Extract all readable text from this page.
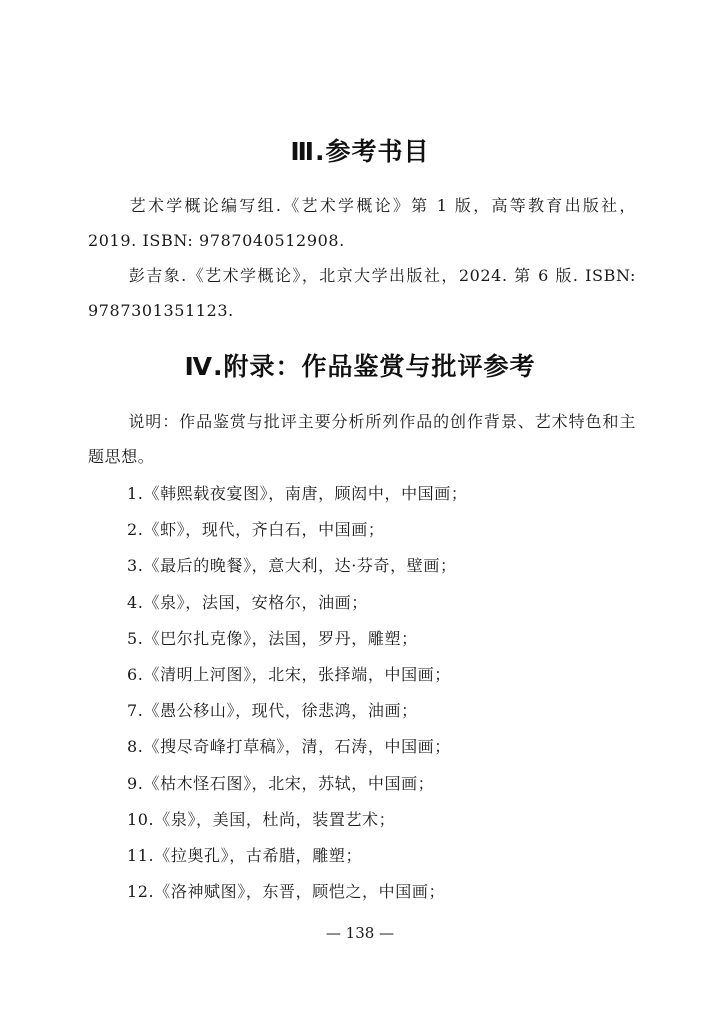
Ⅲ.参考书目
艺术学概论编写组.《艺术学概论》第 1 版，高等教育出版社，2019. ISBN: 9787040512908.
彭吉象.《艺术学概论》，北京大学出版社，2024. 第 6 版. ISBN: 9787301351123.
Ⅳ.附录：作品鉴赏与批评参考
说明：作品鉴赏与批评主要分析所列作品的创作背景、艺术特色和主题思想。
1.《韩熙载夜宴图》，南唐，顾闳中，中国画；
2.《虾》，现代，齐白石，中国画；
3.《最后的晚餐》，意大利，达·芬奇，壁画；
4.《泉》，法国，安格尔，油画；
5.《巴尔扎克像》，法国，罗丹，雕塑；
6.《清明上河图》，北宋，张择端，中国画；
7.《愚公移山》，现代，徐悲鸿，油画；
8.《搜尽奇峰打草稿》，清，石涛，中国画；
9.《枯木怪石图》，北宋，苏轼，中国画；
10.《泉》，美国，杜尚，装置艺术；
11.《拉奥孔》，古希腊，雕塑；
12.《洛神赋图》，东晋，顾恺之，中国画；
— 138 —
